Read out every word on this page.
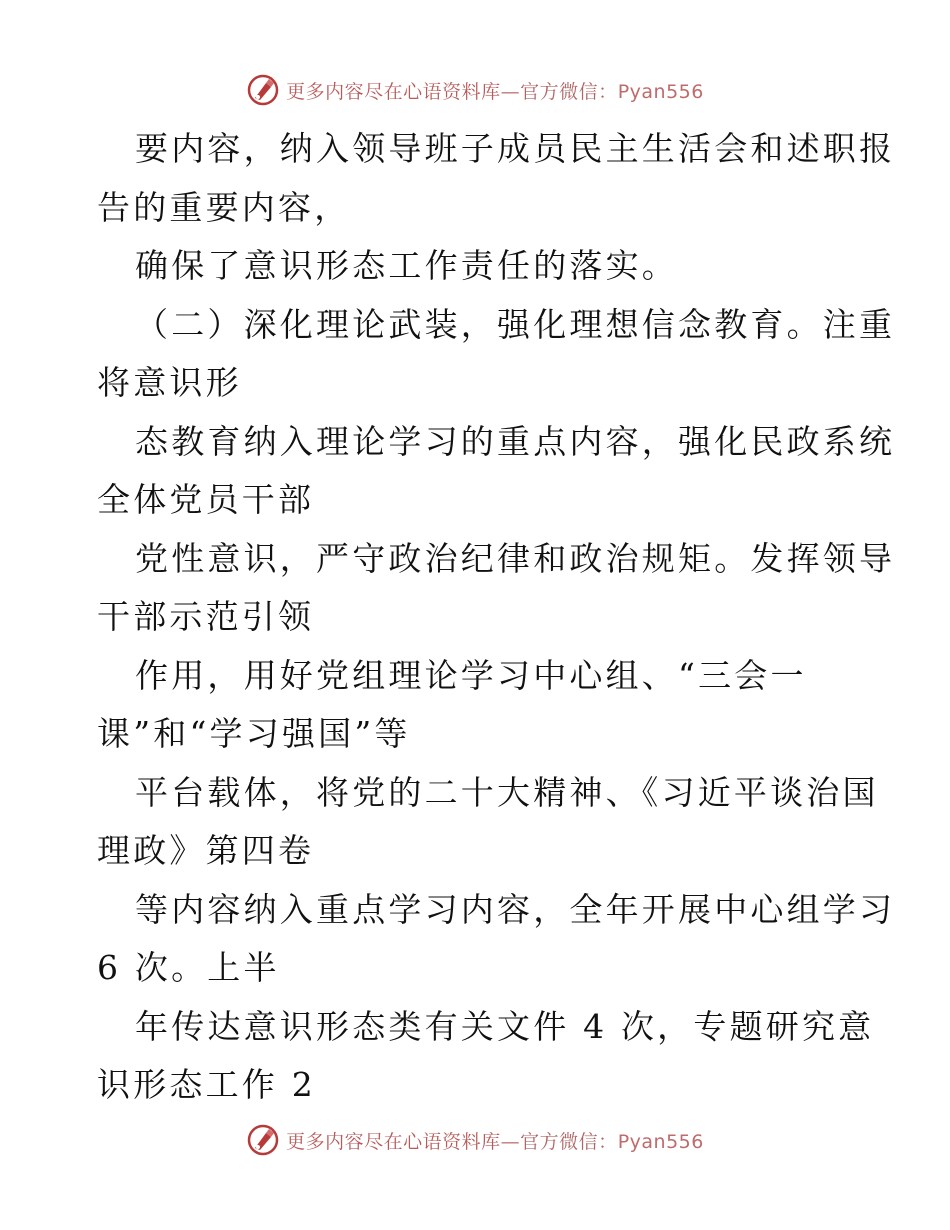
更多内容尽在心语资料库—官方微信：Pyan556
要内容，纳入领导班子成员民主生活会和述职报
告的重要内容，
确保了意识形态工作责任的落实。
（二）深化理论武装，强化理想信念教育。注重
将意识形
态教育纳入理论学习的重点内容，强化民政系统
全体党员干部
党性意识，严守政治纪律和政治规矩。发挥领导
干部示范引领
作用，用好党组理论学习中心组、“三会一
课”和“学习强国”等
平台载体，将党的二十大精神、《习近平谈治国
理政》第四卷
等内容纳入重点学习内容，全年开展中心组学习
6 次。上半
年传达意识形态类有关文件 4 次，专题研究意
识形态工作 2
更多内容尽在心语资料库—官方微信：Pyan556
